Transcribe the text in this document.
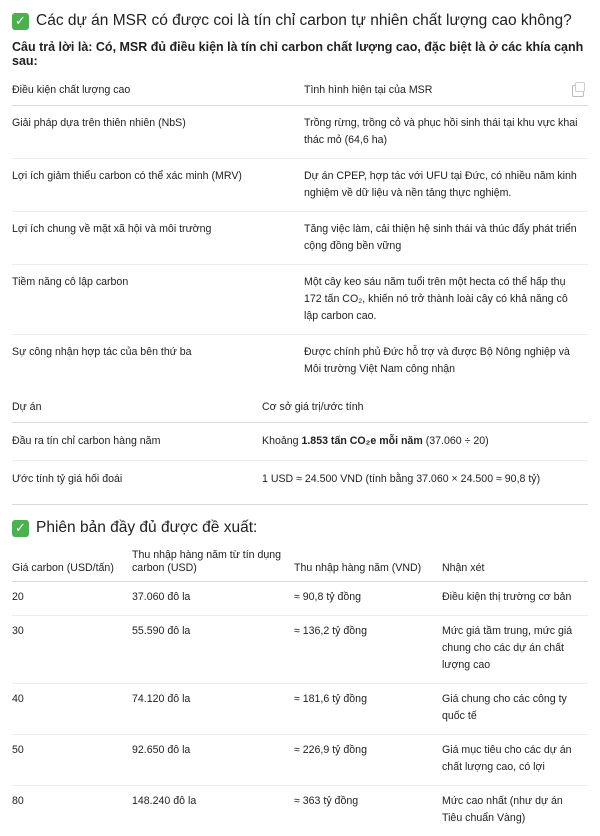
✓ Các dự án MSR có được coi là tín chỉ carbon tự nhiên chất lượng cao không?
Câu trả lời là: Có, MSR đủ điều kiện là tín chỉ carbon chất lượng cao, đặc biệt là ở các khía cạnh sau:
Điều kiện chất lượng cao	Tình hình hiện tại của MSR

Giải pháp dựa trên thiên nhiên (NbS)	Trồng rừng, trồng cỏ và phục hồi sinh thái tại khu vực khai thác mỏ (64,6 ha)
Lợi ích giảm thiểu carbon có thể xác minh (MRV)	Dự án CPEP, hợp tác với UFU tại Đức, có nhiều năm kinh nghiệm về dữ liệu và nền tảng thực nghiệm.
Lợi ích chung về mặt xã hội và môi trường	Tăng việc làm, cải thiện hệ sinh thái và thúc đẩy phát triển cộng đồng bền vững
Tiềm năng cô lập carbon	Một cây keo sáu năm tuổi trên một hecta có thể hấp thụ 172 tấn CO₂, khiến nó trở thành loài cây có khả năng cô lập carbon cao.
Sự công nhận hợp tác của bên thứ ba	Được chính phủ Đức hỗ trợ và được Bộ Nông nghiệp và Môi trường Việt Nam công nhận
Dự án	Cơ sở giá trị/ước tính
Đầu ra tín chỉ carbon hàng năm	Khoảng 1.853 tấn CO₂e mỗi năm (37.060 ÷ 20)
Ước tính tỷ giá hối đoái	1 USD ≈ 24.500 VND (tính bằng 37.060 × 24.500 ≈ 90,8 tỷ)
✓ Phiên bản đầy đủ được đề xuất:
Giá carbon (USD/tấn)	Thu nhập hàng năm từ tín dụng carbon (USD)	Thu nhập hàng năm (VND)	Nhận xét
20	37.060 đô la	≈ 90,8 tỷ đồng	Điều kiện thị trường cơ bản
30	55.590 đô la	≈ 136,2 tỷ đồng	Mức giá tầm trung, mức giá chung cho các dự án chất lượng cao
40	74.120 đô la	≈ 181,6 tỷ đồng	Giá chung cho các công ty quốc tế
50	92.650 đô la	≈ 226,9 tỷ đồng	Giá mục tiêu cho các dự án chất lượng cao, có lợi
80	148.240 đô la	≈ 363 tỷ đồng	Mức cao nhất (như dự án Tiêu chuẩn Vàng)
